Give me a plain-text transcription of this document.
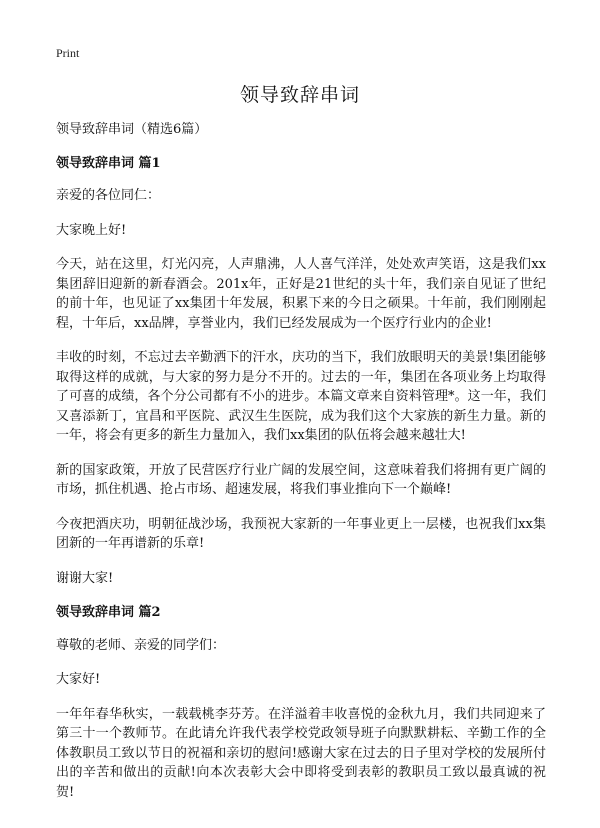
Print
领导致辞串词

领导致辞串词（精选6篇）

领导致辞串词 篇1

亲爱的各位同仁：

大家晚上好!

今天，站在这里，灯光闪亮，人声鼎沸，人人喜气洋洋，处处欢声笑语，这是我们xx集团辞旧迎新的新春酒会。201x年，正好是21世纪的头十年，我们亲自见证了世纪的前十年，也见证了xx集团十年发展，积累下来的今日之硕果。十年前，我们刚刚起程，十年后，xx品牌，享誉业内，我们已经发展成为一个医疗行业内的企业!

丰收的时刻，不忘过去辛勤洒下的汗水，庆功的当下，我们放眼明天的美景!集团能够取得这样的成就，与大家的努力是分不开的。过去的一年，集团在各项业务上均取得了可喜的成绩，各个分公司都有不小的进步。本篇文章来自资料管理*。这一年，我们又喜添新丁，宜昌和平医院、武汉生生医院，成为我们这个大家族的新生力量。新的一年，将会有更多的新生力量加入，我们xx集团的队伍将会越来越壮大!

新的国家政策，开放了民营医疗行业广阔的发展空间，这意味着我们将拥有更广阔的市场，抓住机遇、抢占市场、超速发展，将我们事业推向下一个巅峰!

今夜把酒庆功，明朝征战沙场，我预祝大家新的一年事业更上一层楼，也祝我们xx集团新的一年再谱新的乐章!

谢谢大家!

领导致辞串词 篇2

尊敬的老师、亲爱的同学们：

大家好!

一年年春华秋实，一载载桃李芬芳。在洋溢着丰收喜悦的金秋九月，我们共同迎来了第三十一个教师节。在此请允许我代表学校党政领导班子向默默耕耘、辛勤工作的全体教职员工致以节日的祝福和亲切的慰问!感谢大家在过去的日子里对学校的发展所付出的辛苦和做出的贡献!向本次表彰大会中即将受到表彰的教职员工致以最真诚的祝贺!
